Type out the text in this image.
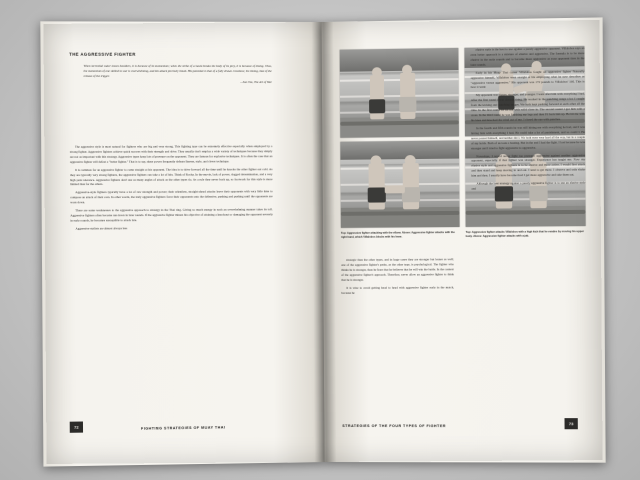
THE AGGRESSIVE FIGHTER
When torrential water tosses boulders, it is because of its momentum; when the strike of a hawk breaks the body of its prey, it is because of timing. Thus, the momentum of one skilled in war is overwhelming, and his attack precisely timed. His potential is that of a fully drawn crossbow; his timing, that of the release of the trigger.
—Sun Tzu, The Art of War

The aggressive style is most natural for fighters who are big and very strong. This fighting type can be extremely effective especially when employed by a strong fighter. Aggressive fighters achieve quick success with their strength and drive. They usually don't employ a wide variety of techniques because they simply are not as important with this strategy. Aggressive types keep lots of pressure on the opponent. They are famous for explosive techniques. It is often the case that an aggressive fighter will defeat a "better fighter." That is to say, sheer power frequently defeats finesse, style, and clever technique.

It is common for an aggressive fighter to come straight at his opponent. The idea is to drive forward all the time until he knocks the other fighter out cold. As they are typically very strong fighters, the aggressive fighters can take a lot of hits. Think of Rocky. In the movie, lack of power, dogged determination, and a very high pain tolerance. Aggressive fighters don't use as many angles of attack as the other types do. As a rule they never back up, so footwork for this style is more limited than for the others.

Aggressive-style fighters typically have a lot of raw strength and power; their relentless, straight-ahead attacks leave their opponents with very little time to compose an attack of their own. In other words, the truly aggressive fighters force their opponents onto the defensive, pushing and pushing until the opponents are worn down.

There are some weaknesses to the aggressive approach to strategy in the Thai ring. Giving so much energy in such an overwhelming manner takes its toll. Aggressive fighters often become run down in later rounds. If the aggressive fighter misses his objective of attaining a knockout or damaging the opponent severely in early rounds, he becomes susceptible to attack late.

Aggressive stylists are almost always less

72	FIGHTING STRATEGIES OF MUAY THAI
Top: Aggressive fighter attacking with the elbow. Above: Aggressive fighter attacks with the right hand, which Villalobos blocks with his knee.
Top: Aggressive fighter attacks Villalobos with a high kick that he evades by moving his upper body. Above: Aggressive fighter attacks with a jab.

strategic than the other types, and in large cases they are stronger but leaner as well; one of the aggressive fighter's perks, as the other type, is psychological. The fighter who thinks he is stronger, than he fears that he believes that he will win the battle. In the context of the aggressive fighter's approach. Therefore, never allow an aggressive fighter to think that he is stronger.

It is wise to avoid getting head to head with aggressive fighter early in the match, because he

elusive style is the best to use against a purely aggressive opponent. Villalobos says an even better approach is a mixture of elusive and aggressive. The formula is to be more elusive in the early rounds and to become more aggressive as your opponent tires in the later rounds.

Early in his Muay Thai career Villalobos fought an aggressive fighter Naturally aggressive himself, Villalobos went straight at his employing what he now describes as "aggressive versus aggressive." His opponent was 172 pounds to Villalobos' 160. This is how it went:

My opponent was bigger, stronger, and younger. I went after him with everything I had. After the first round I was already tiring. He worked in the punching range a lot. I caught from the kicking and punching ranges. We both kept pushing forward at each other all the time. In the first round he hit me with solid close in. The second round I got him with a cross. In the third round he was finishing my legs and then I'd back him up. He hit me with his knee and knocked the wind out of me. I closed the eye with punches.

In the fourth and fifth rounds he was still hitting me with everything he had, and I was hitting him with everything I had. He could take a lot of punishment, and so could I. He never poured himself, and neither did I. We both were very hard all the way, but in a couple of my holds. Both of us took a beating. But in the end I had the fight. I lost because he was stronger and I tried to fight aggressive to aggressive.

Nowadays, I would never fight too pressure aggressive against another aggressive opponent, especially if that fighter was stronger. Experience has taught me. Now my elusive style and aggressive fighters is to be elusive and more active. I would first attack and then stand and keep moving in and out. I tend to get more. I observe and only shake him and then. I usually have become tired I get more aggressive and take them out.

Although the best strategy against a purely aggressive fighter is to use an elusive style and

73
STRATEGIES OF THE FOUR TYPES OF FIGHTER
